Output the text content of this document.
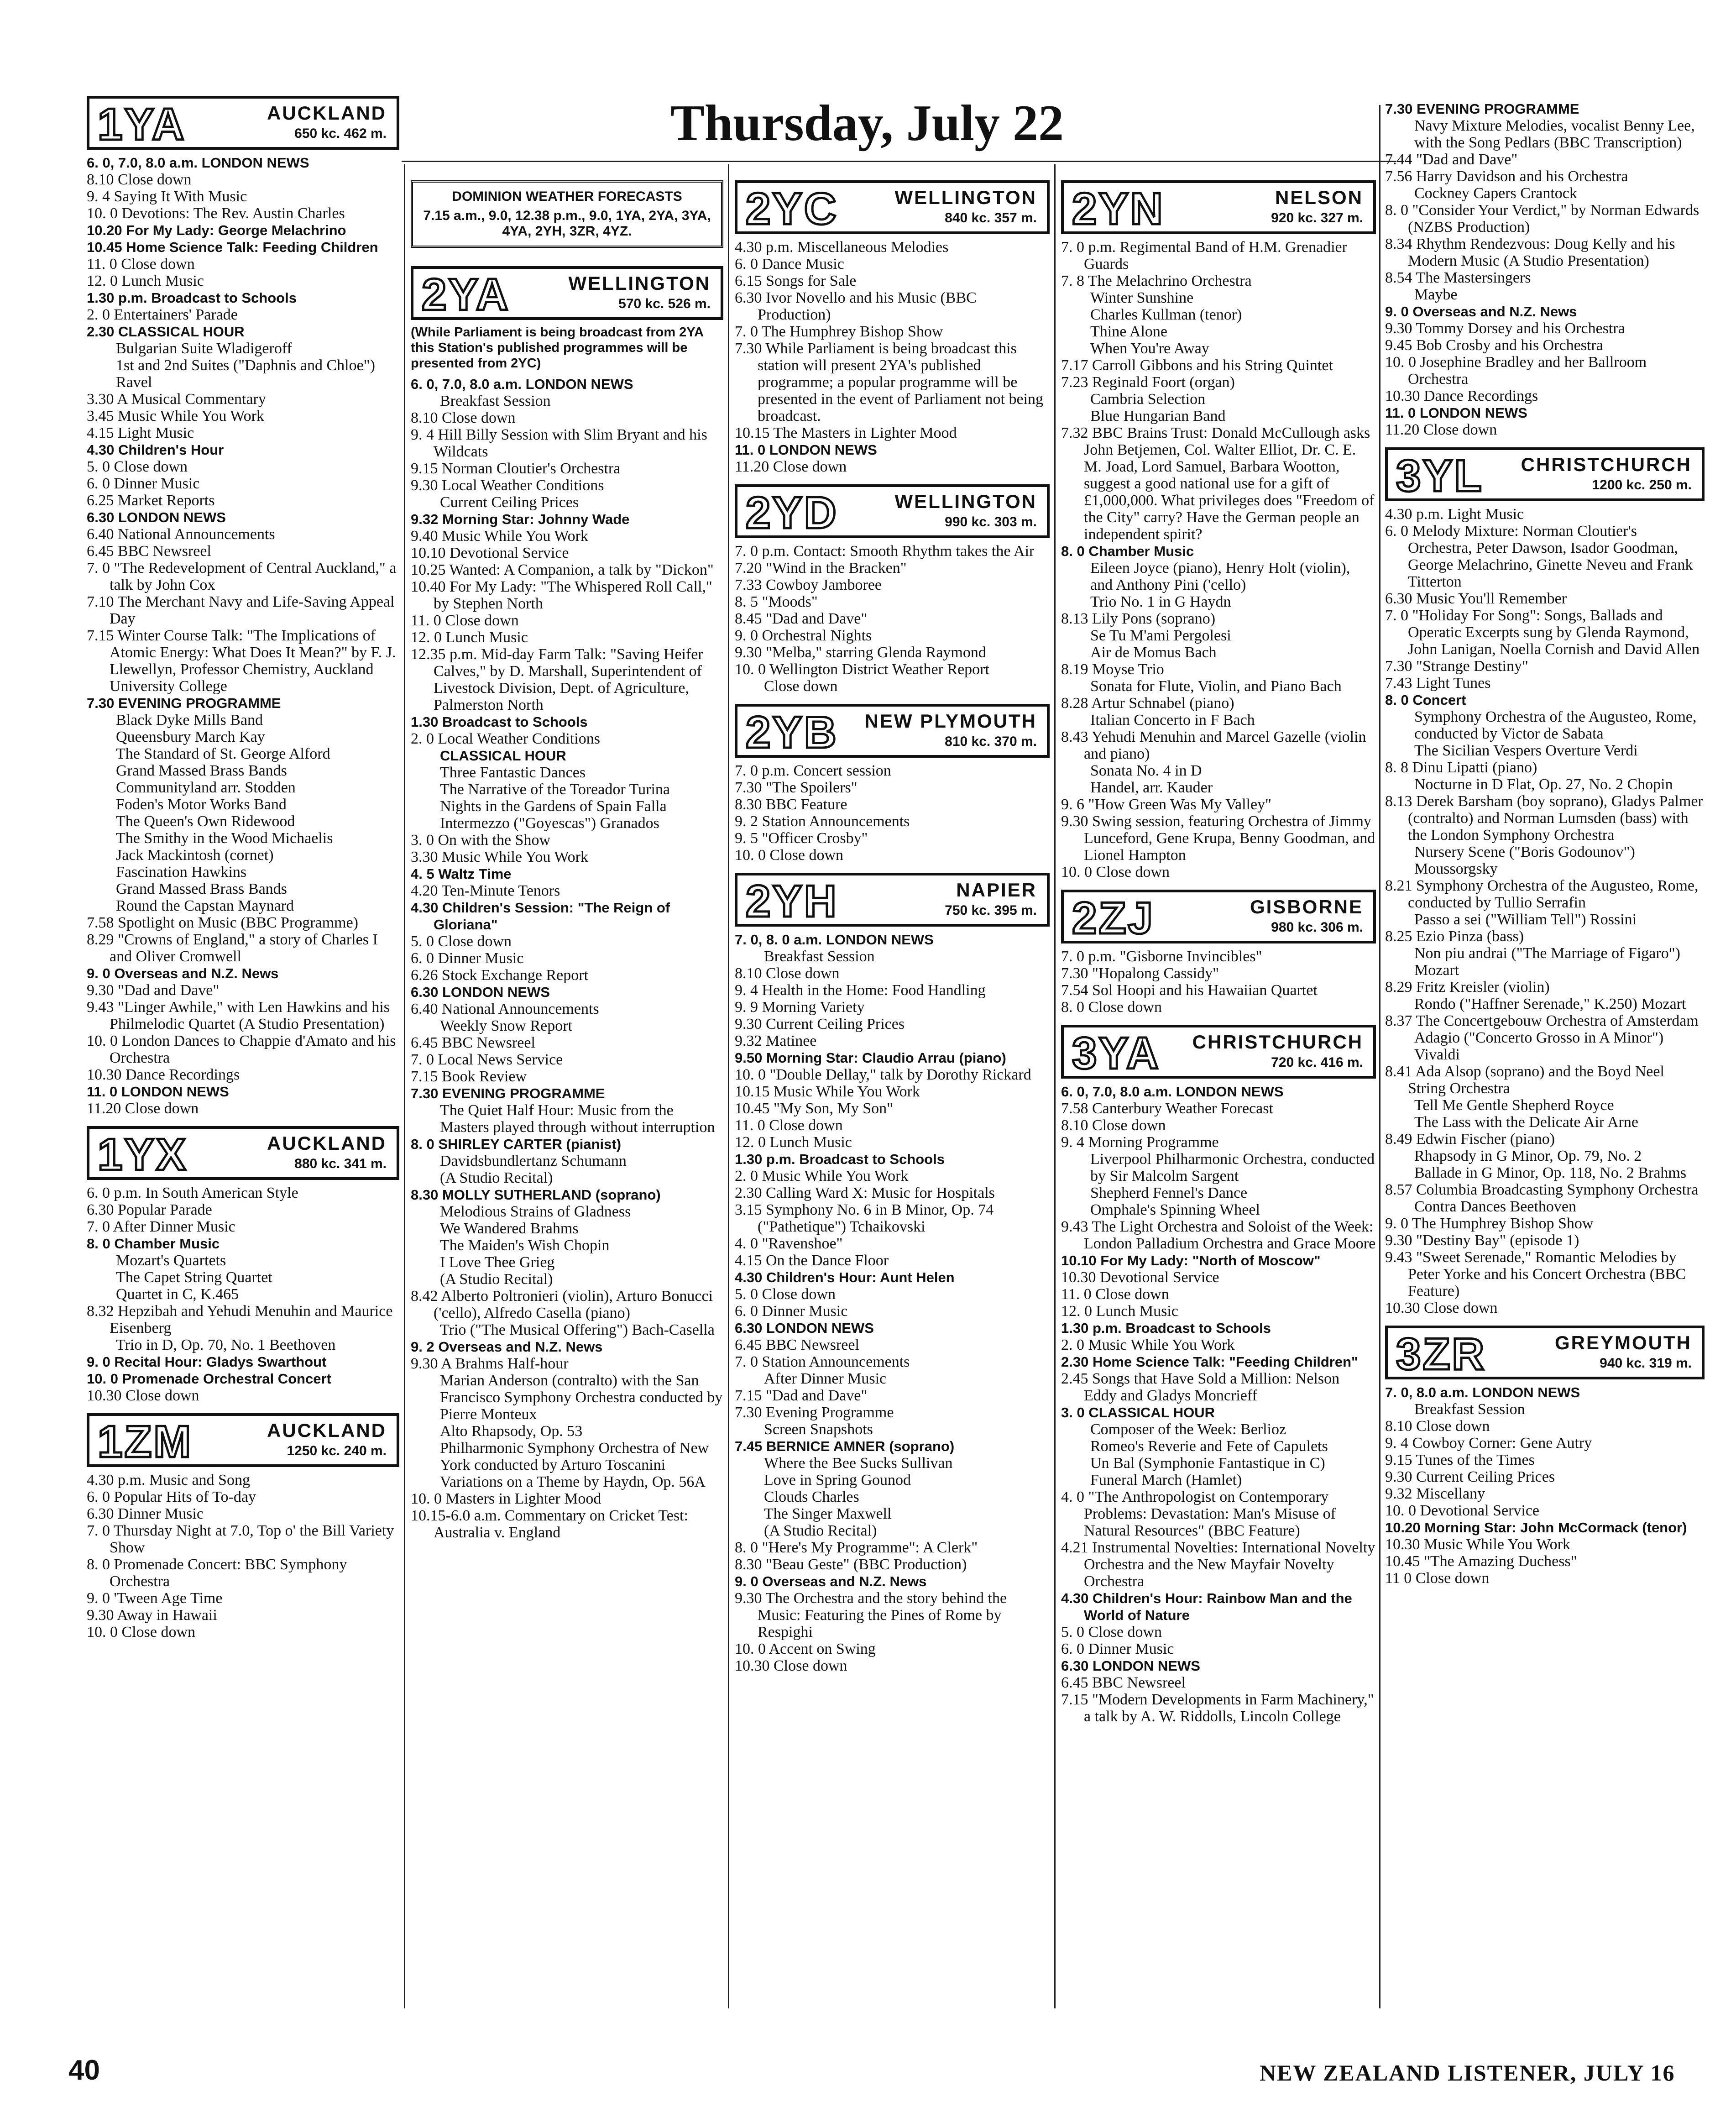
Thursday, July 22
1YA	AUCKLAND
650 kc. 462 m.
6. 0, 7.0, 8.0 a.m. LONDON NEWS
8.10 Close down
9. 4 Saying It With Music
10. 0 Devotions: The Rev. Austin Charles
10.20 For My Lady: George Melachrino
10.45 Home Science Talk: Feeding Children
11. 0 Close down
12. 0 Lunch Music
1.30 p.m. Broadcast to Schools
2. 0 Entertainers' Parade
2.30 CLASSICAL HOUR
Bulgarian Suite Wladigeroff
1st and 2nd Suites ("Daphnis and Chloe") Ravel
3.30 A Musical Commentary
3.45 Music While You Work
4.15 Light Music
4.30 Children's Hour
5. 0 Close down
6. 0 Dinner Music
6.25 Market Reports
6.30 LONDON NEWS
6.40 National Announcements
6.45 BBC Newsreel
7. 0 "The Redevelopment of Central Auckland," a talk by John Cox
7.10 The Merchant Navy and Life-Saving Appeal Day
7.15 Winter Course Talk: "The Implications of Atomic Energy: What Does It Mean?" by F. J. Llewellyn, Professor Chemistry, Auckland University College
7.30 EVENING PROGRAMME
Black Dyke Mills Band
Queensbury March Kay
The Standard of St. George Alford
Grand Massed Brass Bands
Communityland arr. Stodden
Foden's Motor Works Band
The Queen's Own Ridewood
The Smithy in the Wood Michaelis
Jack Mackintosh (cornet)
Fascination Hawkins
Grand Massed Brass Bands
Round the Capstan Maynard
7.58 Spotlight on Music (BBC Programme)
8.29 "Crowns of England," a story of Charles I and Oliver Cromwell
9. 0 Overseas and N.Z. News
9.30 "Dad and Dave"
9.43 "Linger Awhile," with Len Hawkins and his Philmelodic Quartet (A Studio Presentation)
10. 0 London Dances to Chappie d'Amato and his Orchestra
10.30 Dance Recordings
11. 0 LONDON NEWS
11.20 Close down
1YX	AUCKLAND
880 kc. 341 m.
6. 0 p.m. In South American Style
6.30 Popular Parade
7. 0 After Dinner Music
8. 0 Chamber Music
Mozart's Quartets
The Capet String Quartet
Quartet in C, K.465
8.32 Hepzibah and Yehudi Menuhin and Maurice Eisenberg
Trio in D, Op. 70, No. 1 Beethoven
9. 0 Recital Hour: Gladys Swarthout
10. 0 Promenade Orchestral Concert
10.30 Close down
1ZM	AUCKLAND
1250 kc. 240 m.
4.30 p.m. Music and Song
6. 0 Popular Hits of To-day
6.30 Dinner Music
7. 0 Thursday Night at 7.0, Top o' the Bill Variety Show
8. 0 Promenade Concert: BBC Symphony Orchestra
9. 0 'Tween Age Time
9.30 Away in Hawaii
10. 0 Close down
DOMINION WEATHER FORECASTS
7.15 a.m., 9.0, 12.38 p.m., 9.0, 1YA, 2YA, 3YA, 4YA, 2YH, 3ZR, 4YZ.
2YA	WELLINGTON
570 kc. 526 m.
(While Parliament is being broadcast from 2YA this Station's published programmes will be presented from 2YC)
6. 0, 7.0, 8.0 a.m. LONDON NEWS
Breakfast Session
8.10 Close down
9. 4 Hill Billy Session with Slim Bryant and his Wildcats
9.15 Norman Cloutier's Orchestra
9.30 Local Weather Conditions
Current Ceiling Prices
9.32 Morning Star: Johnny Wade
9.40 Music While You Work
10.10 Devotional Service
10.25 Wanted: A Companion, a talk by "Dickon"
10.40 For My Lady: "The Whispered Roll Call," by Stephen North
11. 0 Close down
12. 0 Lunch Music
12.35 p.m. Mid-day Farm Talk: "Saving Heifer Calves," by D. Marshall, Superintendent of Livestock Division, Dept. of Agriculture, Palmerston North
1.30 Broadcast to Schools
2. 0 Local Weather Conditions
CLASSICAL HOUR
Three Fantastic Dances
The Narrative of the Toreador Turina
Nights in the Gardens of Spain Falla
Intermezzo ("Goyescas") Granados
3. 0 On with the Show
3.30 Music While You Work
4. 5 Waltz Time
4.20 Ten-Minute Tenors
4.30 Children's Session: "The Reign of Gloriana"
5. 0 Close down
6. 0 Dinner Music
6.26 Stock Exchange Report
6.30 LONDON NEWS
6.40 National Announcements
Weekly Snow Report
6.45 BBC Newsreel
7. 0 Local News Service
7.15 Book Review
7.30 EVENING PROGRAMME
The Quiet Half Hour: Music from the Masters played through without interruption
8. 0 SHIRLEY CARTER (pianist)
Davidsbundlertanz Schumann
(A Studio Recital)
8.30 MOLLY SUTHERLAND (soprano)
Melodious Strains of Gladness
We Wandered Brahms
The Maiden's Wish Chopin
I Love Thee Grieg
(A Studio Recital)
8.42 Alberto Poltronieri (violin), Arturo Bonucci ('cello), Alfredo Casella (piano)
Trio ("The Musical Offering") Bach-Casella
9. 2 Overseas and N.Z. News
9.30 A Brahms Half-hour
Marian Anderson (contralto) with the San Francisco Symphony Orchestra conducted by Pierre Monteux
Alto Rhapsody, Op. 53
Philharmonic Symphony Orchestra of New York conducted by Arturo Toscanini
Variations on a Theme by Haydn, Op. 56A
10. 0 Masters in Lighter Mood
10.15-6.0 a.m. Commentary on Cricket Test: Australia v. England
2YC	WELLINGTON
840 kc. 357 m.
4.30 p.m. Miscellaneous Melodies
6. 0 Dance Music
6.15 Songs for Sale
6.30 Ivor Novello and his Music (BBC Production)
7. 0 The Humphrey Bishop Show
7.30 While Parliament is being broadcast this station will present 2YA's published programme; a popular programme will be presented in the event of Parliament not being broadcast.
10.15 The Masters in Lighter Mood
11. 0 LONDON NEWS
11.20 Close down
2YD	WELLINGTON
990 kc. 303 m.
7. 0 p.m. Contact: Smooth Rhythm takes the Air
7.20 "Wind in the Bracken"
7.33 Cowboy Jamboree
8. 5 "Moods"
8.45 "Dad and Dave"
9. 0 Orchestral Nights
9.30 "Melba," starring Glenda Raymond
10. 0 Wellington District Weather Report
Close down
2YB NEW PLYMOUTH
810 kc. 370 m.
7. 0 p.m. Concert session
7.30 "The Spoilers"
8.30 BBC Feature
9. 2 Station Announcements
9. 5 "Officer Crosby"
10. 0 Close down
2YH	NAPIER
750 kc. 395 m.
7. 0, 8. 0 a.m. LONDON NEWS
Breakfast Session
8.10 Close down
9. 4 Health in the Home: Food Handling
9. 9 Morning Variety
9.30 Current Ceiling Prices
9.32 Matinee
9.50 Morning Star: Claudio Arrau (piano)
10. 0 "Double Dellay," talk by Dorothy Rickard
10.15 Music While You Work
10.45 "My Son, My Son"
11. 0 Close down
12. 0 Lunch Music
1.30 p.m. Broadcast to Schools
2. 0 Music While You Work
2.30 Calling Ward X: Music for Hospitals
3.15 Symphony No. 6 in B Minor, Op. 74 ("Pathetique") Tchaikovski
4. 0 "Ravenshoe"
4.15 On the Dance Floor
4.30 Children's Hour: Aunt Helen
5. 0 Close down
6. 0 Dinner Music
6.30 LONDON NEWS
6.45 BBC Newsreel
7. 0 Station Announcements
After Dinner Music
7.15 "Dad and Dave"
7.30 Evening Programme
Screen Snapshots
7.45 BERNICE AMNER (soprano)
Where the Bee Sucks Sullivan
Love in Spring Gounod
Clouds Charles
The Singer Maxwell
(A Studio Recital)
8. 0 "Here's My Programme": A Clerk"
8.30 "Beau Geste" (BBC Production)
9. 0 Overseas and N.Z. News
9.30 The Orchestra and the story behind the Music: Featuring the Pines of Rome by Respighi
10. 0 Accent on Swing
10.30 Close down
2YN	NELSON
920 kc. 327 m.
7. 0 p.m. Regimental Band of H.M. Grenadier Guards
7. 8 The Melachrino Orchestra
Winter Sunshine
Charles Kullman (tenor)
Thine Alone
When You're Away
7.17 Carroll Gibbons and his String Quintet
7.23 Reginald Foort (organ)
Cambria Selection
Blue Hungarian Band
7.32 BBC Brains Trust: Donald McCullough asks John Betjemen, Col. Walter Elliot, Dr. C. E. M. Joad, Lord Samuel, Barbara Wootton, suggest a good national use for a gift of £1,000,000. What privileges does "Freedom of the City" carry? Have the German people an independent spirit?
8. 0 Chamber Music
Eileen Joyce (piano), Henry Holt (violin), and Anthony Pini ('cello)
Trio No. 1 in G Haydn
8.13 Lily Pons (soprano)
Se Tu M'ami Pergolesi
Air de Momus Bach
8.19 Moyse Trio
Sonata for Flute, Violin, and Piano Bach
8.28 Artur Schnabel (piano)
Italian Concerto in F Bach
8.43 Yehudi Menuhin and Marcel Gazelle (violin and piano)
Sonata No. 4 in D
Handel, arr. Kauder
9. 6 "How Green Was My Valley"
9.30 Swing session, featuring Orchestra of Jimmy Lunceford, Gene Krupa, Benny Goodman, and Lionel Hampton
10. 0 Close down
2ZJ	GISBORNE
980 kc. 306 m.
7. 0 p.m. "Gisborne Invincibles"
7.30 "Hopalong Cassidy"
7.54 Sol Hoopi and his Hawaiian Quartet
8. 0 Close down
3YA CHRISTCHURCH
720 kc. 416 m.
6. 0, 7.0, 8.0 a.m. LONDON NEWS
7.58 Canterbury Weather Forecast
8.10 Close down
9. 4 Morning Programme
Liverpool Philharmonic Orchestra, conducted by Sir Malcolm Sargent
Shepherd Fennel's Dance
Omphale's Spinning Wheel
9.43 The Light Orchestra and Soloist of the Week: London Palladium Orchestra and Grace Moore
10.10 For My Lady: "North of Moscow"
10.30 Devotional Service
11. 0 Close down
12. 0 Lunch Music
1.30 p.m. Broadcast to Schools
2. 0 Music While You Work
2.30 Home Science Talk: "Feeding Children"
2.45 Songs that Have Sold a Million: Nelson Eddy and Gladys Moncrieff
3. 0 CLASSICAL HOUR
Composer of the Week: Berlioz
Romeo's Reverie and Fete of Capulets
Un Bal (Symphonie Fantastique in C)
Funeral March (Hamlet)
4. 0 "The Anthropologist on Contemporary Problems: Devastation: Man's Misuse of Natural Resources" (BBC Feature)
4.21 Instrumental Novelties: International Novelty Orchestra and the New Mayfair Novelty Orchestra
4.30 Children's Hour: Rainbow Man and the World of Nature
5. 0 Close down
6. 0 Dinner Music
6.30 LONDON NEWS
6.45 BBC Newsreel
7.15 "Modern Developments in Farm Machinery," a talk by A. W. Riddolls, Lincoln College
7.30 EVENING PROGRAMME
Navy Mixture Melodies, vocalist Benny Lee, with the Song Pedlars (BBC Transcription)
7.44 "Dad and Dave"
7.56 Harry Davidson and his Orchestra
Cockney Capers Crantock
8. 0 "Consider Your Verdict," by Norman Edwards (NZBS Production)
8.34 Rhythm Rendezvous: Doug Kelly and his Modern Music (A Studio Presentation)
8.54 The Mastersingers
Maybe
9. 0 Overseas and N.Z. News
9.30 Tommy Dorsey and his Orchestra
9.45 Bob Crosby and his Orchestra
10. 0 Josephine Bradley and her Ballroom Orchestra
10.30 Dance Recordings
11. 0 LONDON NEWS
11.20 Close down
3YL CHRISTCHURCH
1200 kc. 250 m.
4.30 p.m. Light Music
6. 0 Melody Mixture: Norman Cloutier's Orchestra, Peter Dawson, Isador Goodman, George Melachrino, Ginette Neveu and Frank Titterton
6.30 Music You'll Remember
7. 0 "Holiday For Song": Songs, Ballads and Operatic Excerpts sung by Glenda Raymond, John Lanigan, Noella Cornish and David Allen
7.30 "Strange Destiny"
7.43 Light Tunes
8. 0 Concert
Symphony Orchestra of the Augusteo, Rome, conducted by Victor de Sabata
The Sicilian Vespers Overture Verdi
8. 8 Dinu Lipatti (piano)
Nocturne in D Flat, Op. 27, No. 2 Chopin
8.13 Derek Barsham (boy soprano), Gladys Palmer (contralto) and Norman Lumsden (bass) with the London Symphony Orchestra
Nursery Scene ("Boris Godounov") Moussorgsky
8.21 Symphony Orchestra of the Augusteo, Rome, conducted by Tullio Serrafin
Passo a sei ("William Tell") Rossini
8.25 Ezio Pinza (bass)
Non piu andrai ("The Marriage of Figaro") Mozart
8.29 Fritz Kreisler (violin)
Rondo ("Haffner Serenade," K.250) Mozart
8.37 The Concertgebouw Orchestra of Amsterdam
Adagio ("Concerto Grosso in A Minor") Vivaldi
8.41 Ada Alsop (soprano) and the Boyd Neel String Orchestra
Tell Me Gentle Shepherd Royce
The Lass with the Delicate Air Arne
8.49 Edwin Fischer (piano)
Rhapsody in G Minor, Op. 79, No. 2
Ballade in G Minor, Op. 118, No. 2 Brahms
8.57 Columbia Broadcasting Symphony Orchestra
Contra Dances Beethoven
9. 0 The Humphrey Bishop Show
9.30 "Destiny Bay" (episode 1)
9.43 "Sweet Serenade," Romantic Melodies by Peter Yorke and his Concert Orchestra (BBC Feature)
10.30 Close down
3ZR	GREYMOUTH
940 kc. 319 m.
7. 0, 8.0 a.m. LONDON NEWS
Breakfast Session
8.10 Close down
9. 4 Cowboy Corner: Gene Autry
9.15 Tunes of the Times
9.30 Current Ceiling Prices
9.32 Miscellany
10. 0 Devotional Service
10.20 Morning Star: John McCormack (tenor)
10.30 Music While You Work
10.45 "The Amazing Duchess"
11 0 Close down
40	NEW ZEALAND LISTENER, JULY 16
